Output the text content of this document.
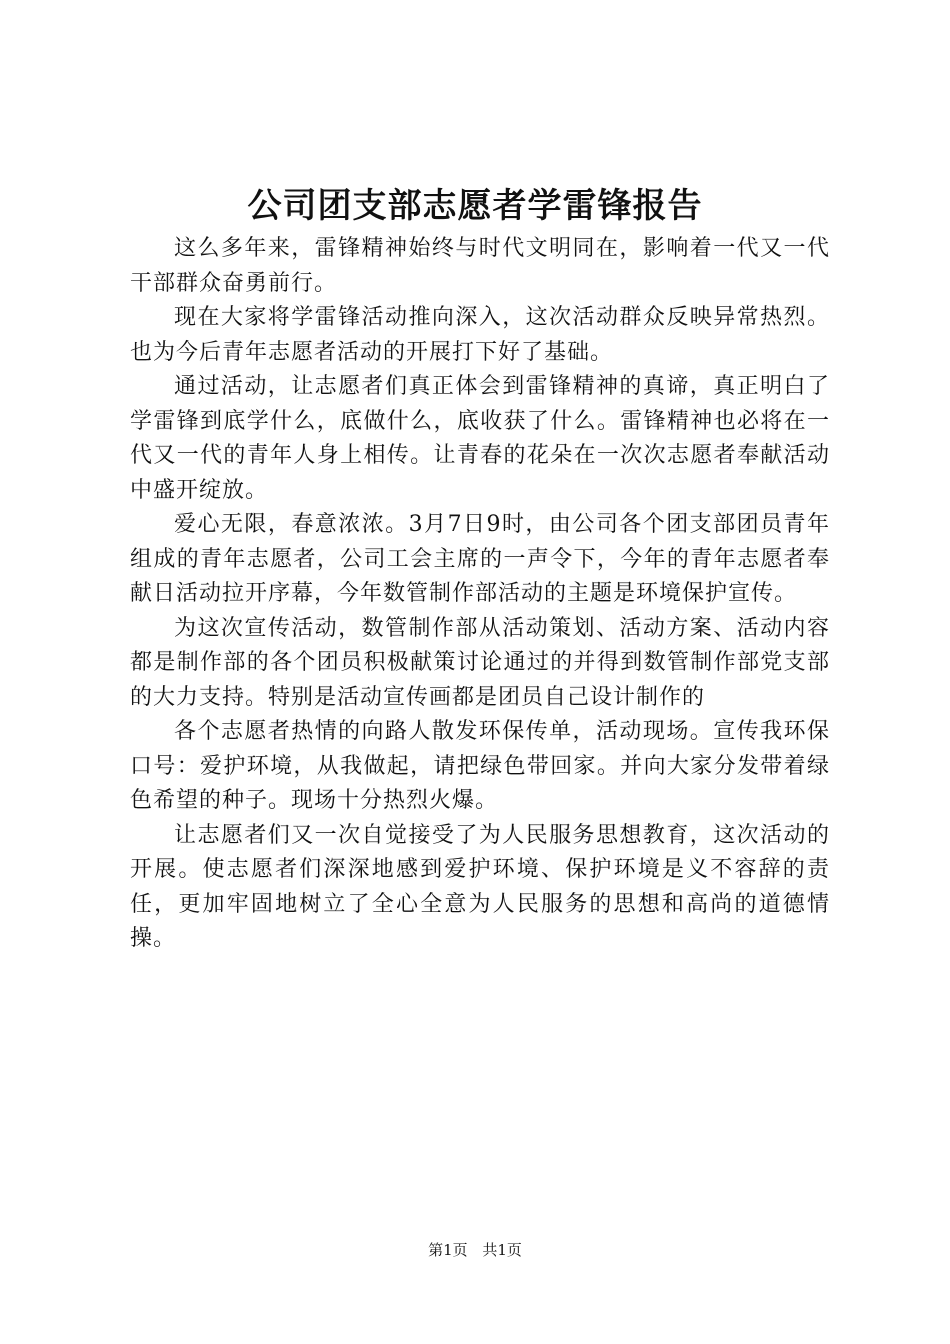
公司团支部志愿者学雷锋报告

这么多年来，雷锋精神始终与时代文明同在，影响着一代又一代干部群众奋勇前行。

现在大家将学雷锋活动推向深入，这次活动群众反映异常热烈。也为今后青年志愿者活动的开展打下好了基础。

通过活动，让志愿者们真正体会到雷锋精神的真谛，真正明白了学雷锋到底学什么，底做什么，底收获了什么。雷锋精神也必将在一代又一代的青年人身上相传。让青春的花朵在一次次志愿者奉献活动中盛开绽放。

爱心无限，春意浓浓。3月7日9时，由公司各个团支部团员青年组成的青年志愿者，公司工会主席的一声令下，今年的青年志愿者奉献日活动拉开序幕，今年数管制作部活动的主题是环境保护宣传。

为这次宣传活动，数管制作部从活动策划、活动方案、活动内容都是制作部的各个团员积极献策讨论通过的并得到数管制作部党支部的大力支持。特别是活动宣传画都是团员自己设计制作的

各个志愿者热情的向路人散发环保传单，活动现场。宣传我环保口号：爱护环境，从我做起，请把绿色带回家。并向大家分发带着绿色希望的种子。现场十分热烈火爆。

让志愿者们又一次自觉接受了为人民服务思想教育，这次活动的开展。使志愿者们深深地感到爱护环境、保护环境是义不容辞的责任，更加牢固地树立了全心全意为人民服务的思想和高尚的道德情操。

第1页 共1页
